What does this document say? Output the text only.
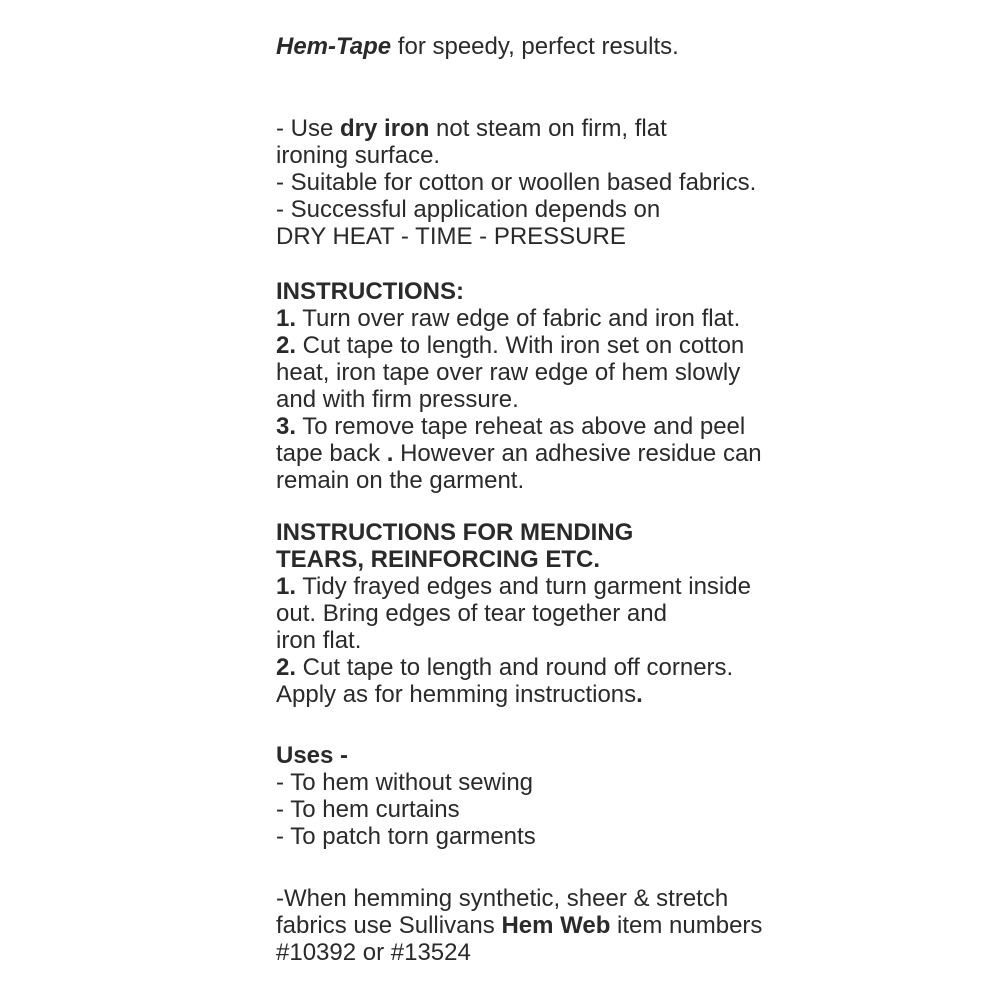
Hem-Tape for speedy, perfect results.
- Use dry iron not steam on firm, flat
ironing surface.
- Suitable for cotton or woollen based fabrics.
- Successful application depends on
DRY HEAT - TIME - PRESSURE
INSTRUCTIONS:
1. Turn over raw edge of fabric and iron flat.
2. Cut tape to length. With iron set on cotton
heat, iron tape over raw edge of hem slowly
and with firm pressure.
3. To remove tape reheat as above and peel
tape back . However an adhesive residue can
remain on the garment.
INSTRUCTIONS FOR MENDING
TEARS, REINFORCING ETC.
1. Tidy frayed edges and turn garment inside
out. Bring edges of tear together and
iron flat.
2. Cut tape to length and round off corners.
Apply as for hemming instructions.
Uses -
- To hem without sewing
- To hem curtains
- To patch torn garments
-When hemming synthetic, sheer & stretch
fabrics use Sullivans Hem Web item numbers
#10392 or #13524
